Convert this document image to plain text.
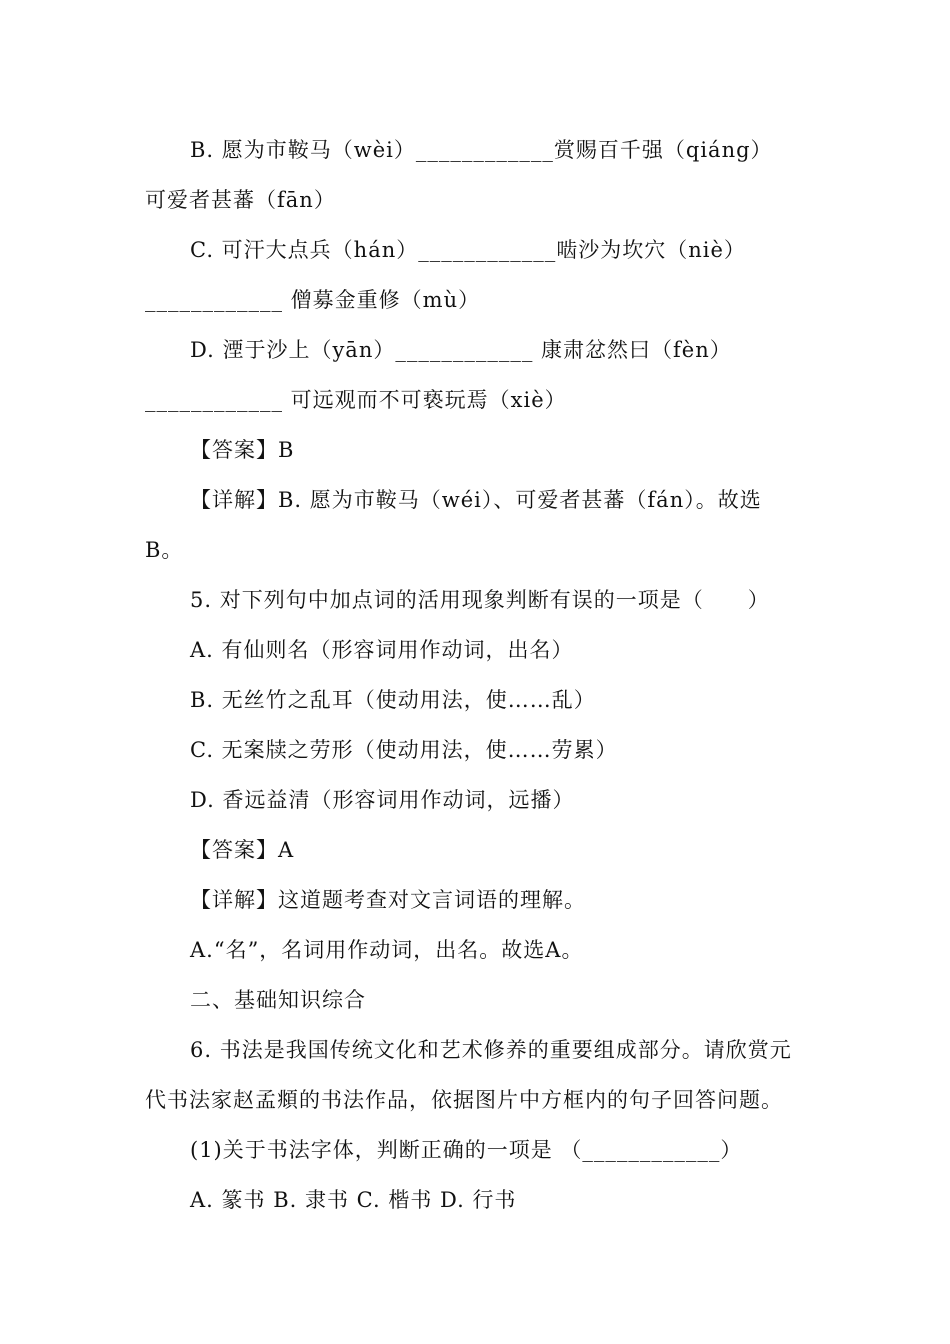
B. 愿为市鞍马（wèi）____________赏赐百千强（qiáng）
可爱者甚蕃（fān）
C. 可汗大点兵（hán）____________啮沙为坎穴（niè）
____________ 僧募金重修（mù）
D. 湮于沙上（yān）____________ 康肃忿然曰（fèn）
____________ 可远观而不可亵玩焉（xiè）
【答案】B
【详解】B. 愿为市鞍马（wéi）、可爱者甚蕃（fán）。故选
B。
5. 对下列句中加点词的活用现象判断有误的一项是（　　）
A. 有仙则名（形容词用作动词，出名）
B. 无丝竹之乱耳（使动用法，使……乱）
C. 无案牍之劳形（使动用法，使……劳累）
D. 香远益清（形容词用作动词，远播）
【答案】A
【详解】这道题考查对文言词语的理解。
A.“名”，名词用作动词，出名。故选A。
二、基础知识综合
6. 书法是我国传统文化和艺术修养的重要组成部分。请欣赏元
代书法家赵孟頫的书法作品，依据图片中方框内的句子回答问题。
(1)关于书法字体，判断正确的一项是 （____________）
A. 篆书 B. 隶书 C. 楷书 D. 行书
